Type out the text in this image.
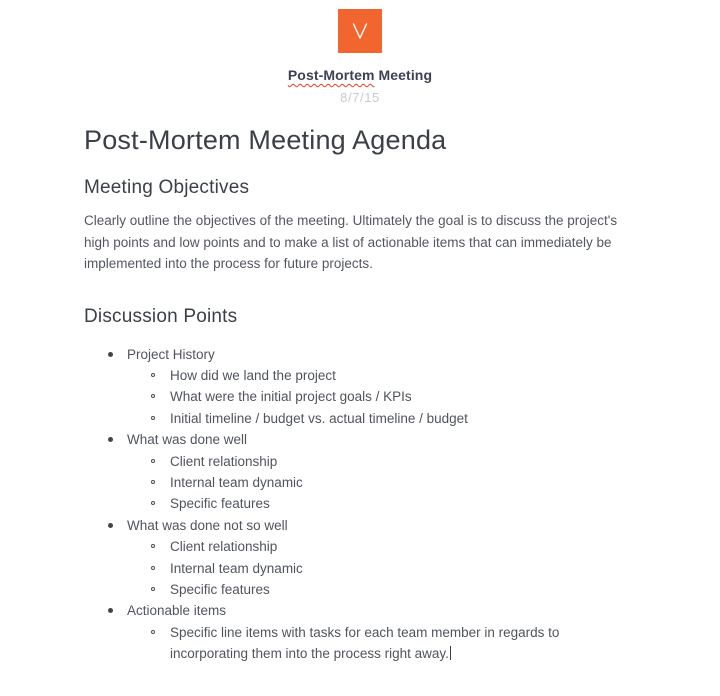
Post-Mortem Meeting
8/7/15
Post-Mortem Meeting Agenda
Meeting Objectives

Clearly outline the objectives of the meeting. Ultimately the goal is to discuss the project's high points and low points and to make a list of actionable items that can immediately be implemented into the process for future projects.

Discussion Points
Project History
How did we land the project
What were the initial project goals / KPIs
Initial timeline / budget vs. actual timeline / budget
What was done well
Client relationship
Internal team dynamic
Specific features
What was done not so well
Client relationship
Internal team dynamic
Specific features
Actionable items
Specific line items with tasks for each team member in regards to incorporating them into the process right away.
